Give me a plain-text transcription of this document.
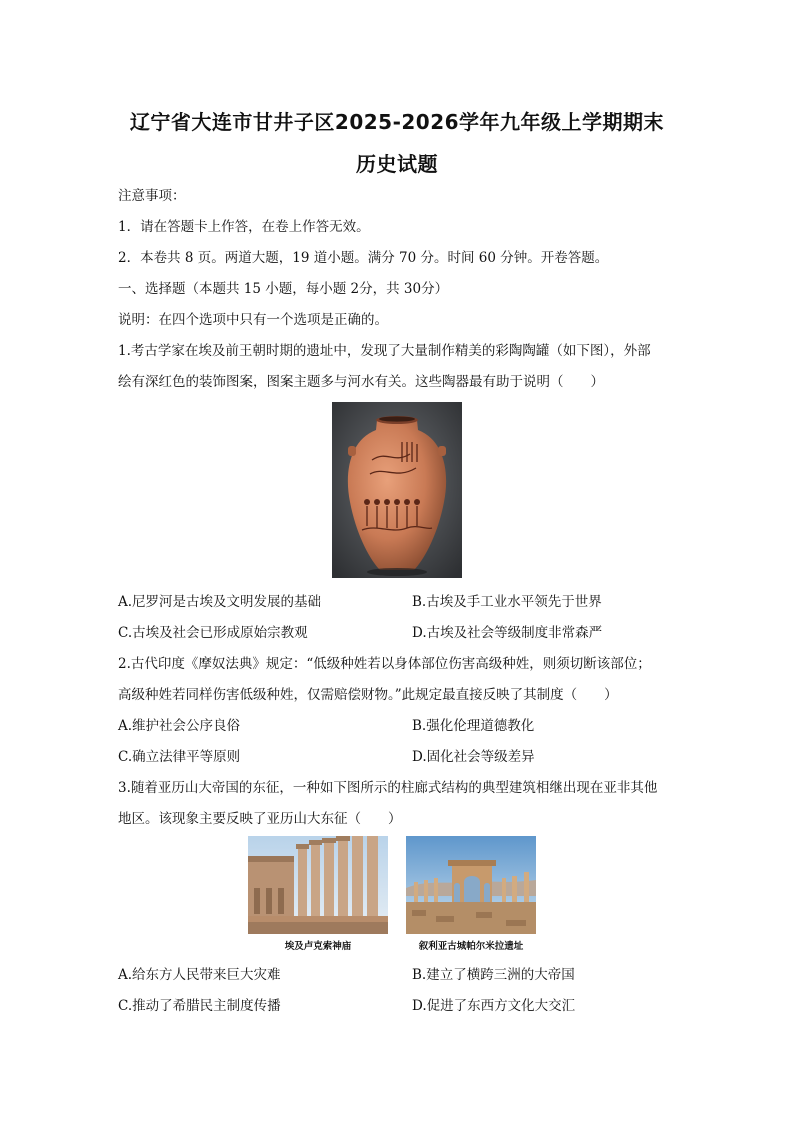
辽宁省大连市甘井子区2025-2026学年九年级上学期期末
历史试题
注意事项：
1．请在答题卡上作答，在卷上作答无效。
2．本卷共 8 页。两道大题，19 道小题。满分 70 分。时间 60 分钟。开卷答题。
一、选择题（本题共 15 小题，每小题 2分，共 30分）
说明：在四个选项中只有一个选项是正确的。
1.考古学家在埃及前王朝时期的遗址中，发现了大量制作精美的彩陶陶罐（如下图），外部
绘有深红色的装饰图案，图案主题多与河水有关。这些陶器最有助于说明（　　）
A.尼罗河是古埃及文明发展的基础	B.古埃及手工业水平领先于世界
C.古埃及社会已形成原始宗教观	D.古埃及社会等级制度非常森严
2.古代印度《摩奴法典》规定：“低级种姓若以身体部位伤害高级种姓，则须切断该部位；
高级种姓若同样伤害低级种姓，仅需赔偿财物。”此规定最直接反映了其制度（　　）
A.维护社会公序良俗	B.强化伦理道德教化
C.确立法律平等原则	D.固化社会等级差异
3.随着亚历山大帝国的东征，一种如下图所示的柱廊式结构的典型建筑相继出现在亚非其他
地区。该现象主要反映了亚历山大东征（　　）
埃及卢克索神庙	叙利亚古城帕尔米拉遗址
A.给东方人民带来巨大灾难	B.建立了横跨三洲的大帝国
C.推动了希腊民主制度传播	D.促进了东西方文化大交汇
